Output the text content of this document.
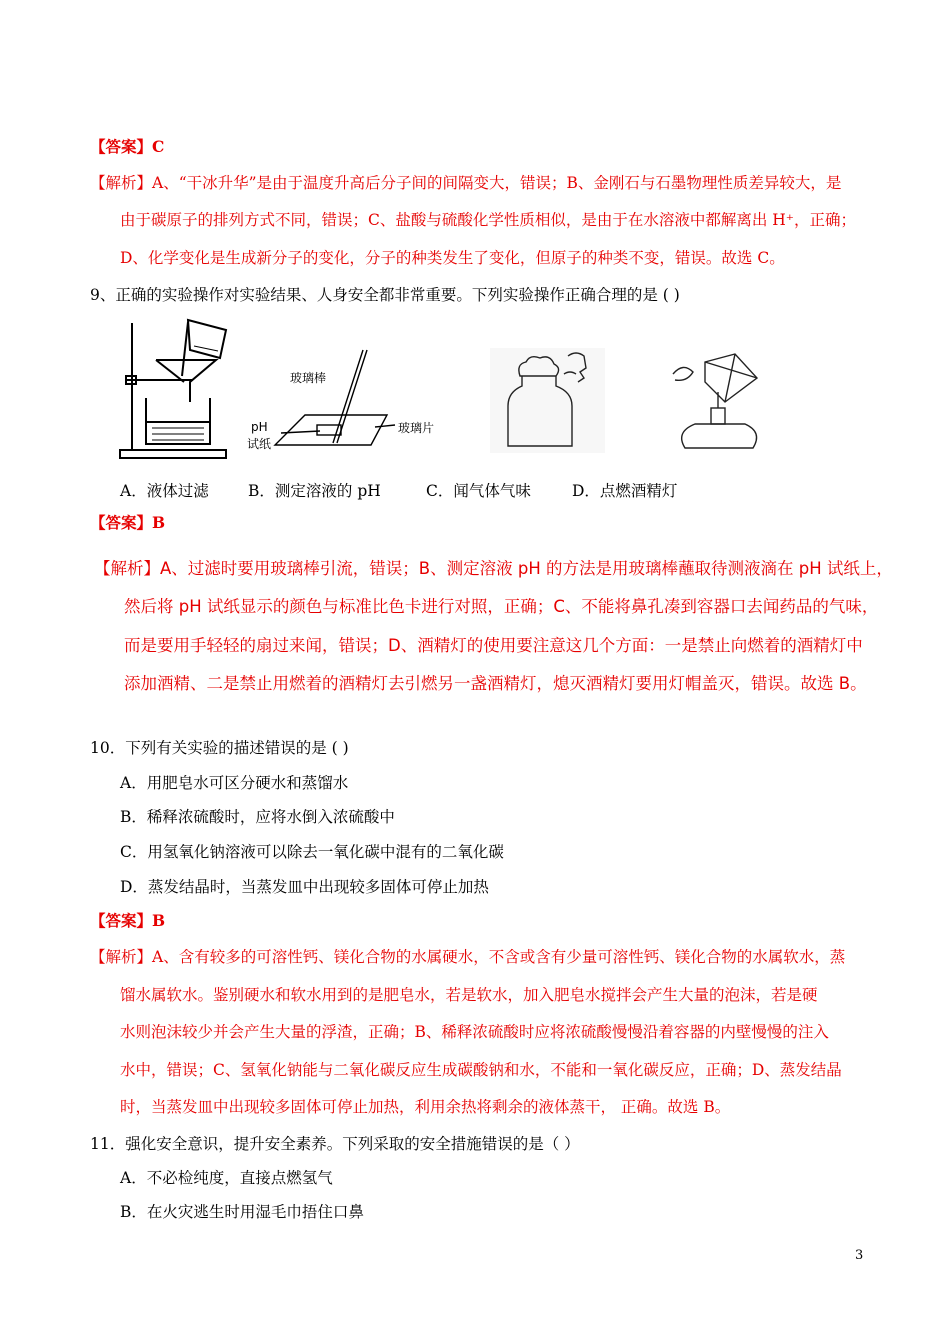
【答案】C
【解析】A、“干冰升华”是由于温度升高后分子间的间隔变大，错误；B、金刚石与石墨物理性质差异较大，是
由于碳原子的排列方式不同，错误；C、盐酸与硫酸化学性质相似，是由于在水溶液中都解离出 H⁺，正确；
D、化学变化是生成新分子的变化，分子的种类发生了变化，但原子的种类不变，错误。故选 C。
9、正确的实验操作对实验结果、人身安全都非常重要。下列实验操作正确合理的是 ( )
玻璃棒
玻璃片
pH
试纸
A．液体过滤	B．测定溶液的 pH	C．闻气体气味	D．点燃酒精灯
【答案】B
【解析】A、过滤时要用玻璃棒引流，错误；B、测定溶液 pH 的方法是用玻璃棒蘸取待测液滴在 pH 试纸上，
然后将 pH 试纸显示的颜色与标准比色卡进行对照，正确；C、不能将鼻孔凑到容器口去闻药品的气味，
而是要用手轻轻的扇过来闻，错误；D、酒精灯的使用要注意这几个方面：一是禁止向燃着的酒精灯中
添加酒精、二是禁止用燃着的酒精灯去引燃另一盏酒精灯，熄灭酒精灯要用灯帽盖灭，错误。故选 B。
10．下列有关实验的描述错误的是 ( )
A．用肥皂水可区分硬水和蒸馏水
B．稀释浓硫酸时，应将水倒入浓硫酸中
C．用氢氧化钠溶液可以除去一氧化碳中混有的二氧化碳
D．蒸发结晶时，当蒸发皿中出现较多固体可停止加热
【答案】B
【解析】A、含有较多的可溶性钙、镁化合物的水属硬水，不含或含有少量可溶性钙、镁化合物的水属软水，蒸
馏水属软水。鉴别硬水和软水用到的是肥皂水，若是软水，加入肥皂水搅拌会产生大量的泡沫，若是硬
水则泡沫较少并会产生大量的浮渣，正确；B、稀释浓硫酸时应将浓硫酸慢慢沿着容器的内壁慢慢的注入
水中，错误；C、氢氧化钠能与二氧化碳反应生成碳酸钠和水，不能和一氧化碳反应，正确；D、蒸发结晶
时，当蒸发皿中出现较多固体可停止加热，利用余热将剩余的液体蒸干， 正确。故选 B。
11．强化安全意识，提升安全素养。下列采取的安全措施错误的是（ ）
A．不必检纯度，直接点燃氢气
B．在火灾逃生时用湿毛巾捂住口鼻
3
